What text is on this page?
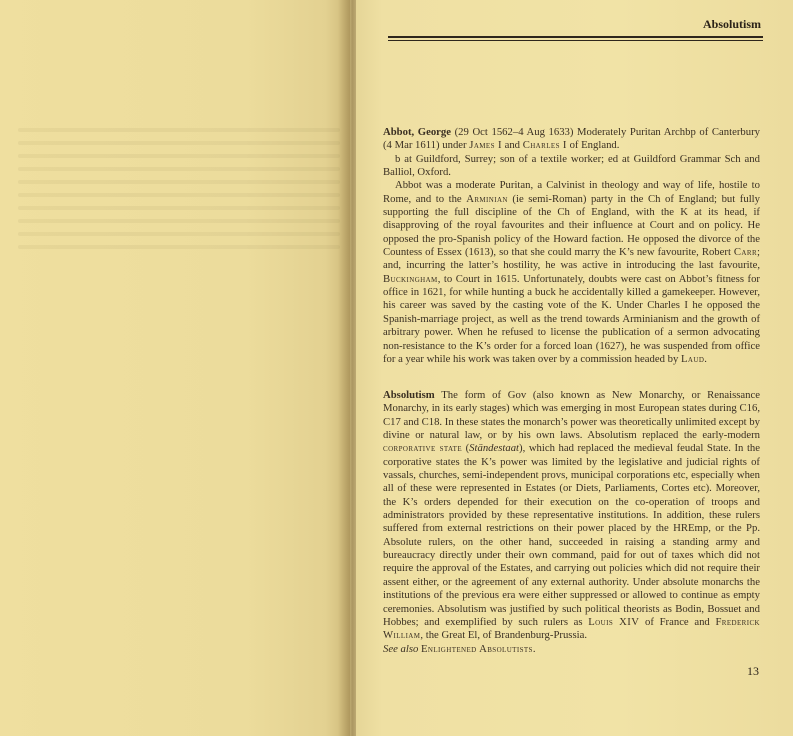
Absolutism

Abbot, George (29 Oct 1562–4 Aug 1633) Moderately Puritan Archbp of Canterbury (4 Mar 1611) under James I and Charles I of England.

b at Guildford, Surrey; son of a textile worker; ed at Guildford Grammar Sch and Balliol, Oxford.

Abbot was a moderate Puritan, a Calvinist in theology and way of life, hostile to Rome, and to the Arminian (ie semi-Roman) party in the Ch of England; but fully supporting the full discipline of the Ch of England, with the K at its head, if disapproving of the royal favourites and their influence at Court and on policy. He opposed the pro-Spanish policy of the Howard faction. He opposed the divorce of the Countess of Essex (1613), so that she could marry the K’s new favourite, Robert Carr; and, incurring the latter’s hostility, he was active in introducing the last favourite, Buckingham, to Court in 1615. Unfortunately, doubts were cast on Abbot’s fitness for office in 1621, for while hunting a buck he accidentally killed a gamekeeper. However, his career was saved by the casting vote of the K. Under Charles I he opposed the Spanish-marriage project, as well as the trend towards Arminianism and the growth of arbitrary power. When he refused to license the publication of a sermon advocating non-resistance to the K’s order for a forced loan (1627), he was suspended from office for a year while his work was taken over by a commission headed by Laud.

Absolutism The form of Gov (also known as New Monarchy, or Renaissance Monarchy, in its early stages) which was emerging in most European states during C16, C17 and C18. In these states the monarch’s power was theoretically unlimited except by divine or natural law, or by his own laws. Absolutism replaced the early-modern corporative state (Ständestaat), which had replaced the medieval feudal State. In the corporative states the K’s power was limited by the legislative and judicial rights of vassals, churches, semi-independent provs, municipal corporations etc, especially when all of these were represented in Estates (or Diets, Parliaments, Cortes etc). Moreover, the K’s orders depended for their execution on the co-operation of troops and administrators provided by these representative institutions. In addition, these rulers suffered from external restrictions on their power placed by the HREmp, or the Pp. Absolute rulers, on the other hand, succeeded in raising a standing army and bureaucracy directly under their own command, paid for out of taxes which did not require the approval of the Estates, and carrying out policies which did not require their assent either, or the agreement of any external authority. Under absolute monarchs the institutions of the previous era were either suppressed or allowed to continue as empty ceremonies. Absolutism was justified by such political theorists as Bodin, Bossuet and Hobbes; and exemplified by such rulers as Louis XIV of France and Frederick William, the Great El, of Brandenburg-Prussia.

See also Enlightened Absolutists.

13
